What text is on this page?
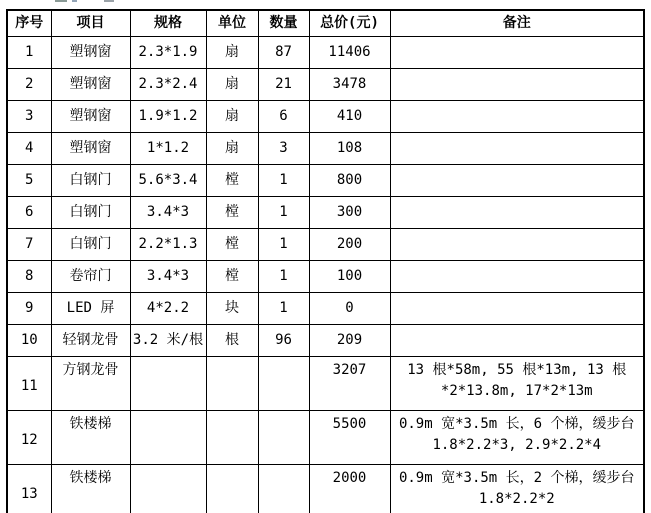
序号	项目	规格	单位	数量	总价(元)	备注
1	塑钢窗	2.3*1.9	扇	87	11406	
2	塑钢窗	2.3*2.4	扇	21	3478	
3	塑钢窗	1.9*1.2	扇	6	410	
4	塑钢窗	1*1.2	扇	3	108	
5	白钢门	5.6*3.4	樘	1	800	
6	白钢门	3.4*3	樘	1	300	
7	白钢门	2.2*1.3	樘	1	200	
8	卷帘门	3.4*3	樘	1	100	
9	LED 屏	4*2.2	块	1	0	
10	轻钢龙骨	3.2 米/根	根	96	209	
11	方钢龙骨				3207	13 根*58m, 55 根*13m, 13 根*2*13.8m, 17*2*13m
12	铁楼梯				5500	0.9m 宽*3.5m 长，6 个梯，缓步台 1.8*2.2*3, 2.9*2.2*4
13	铁楼梯				2000	0.9m 宽*3.5m 长，2 个梯，缓步台 1.8*2.2*2
